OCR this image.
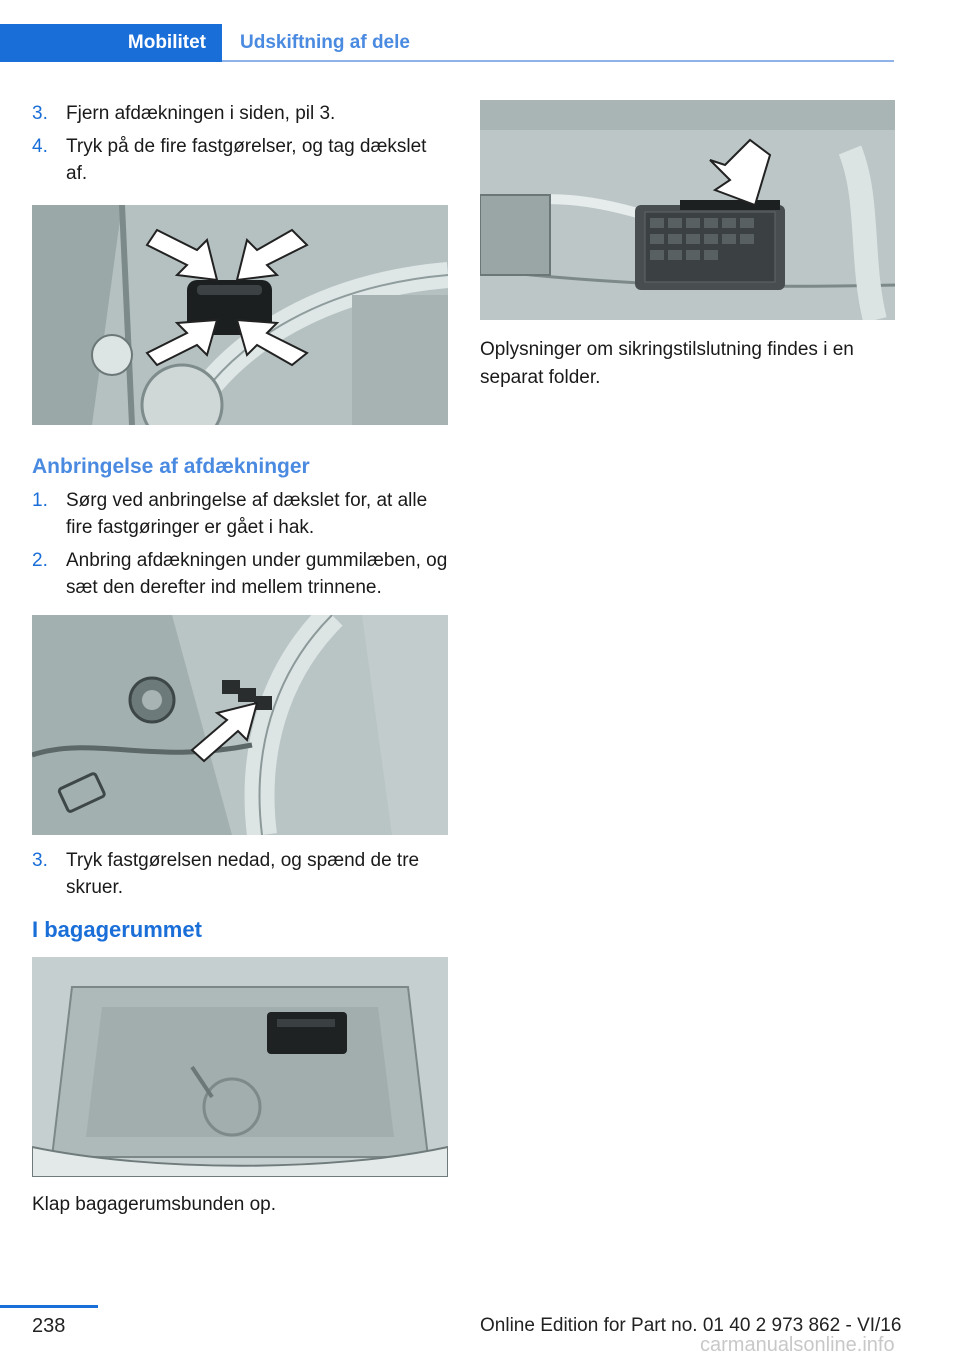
Mobilitet	Udskiftning af dele
3. Fjern afdækningen i siden, pil 3.
4. Tryk på de fire fastgørelser, og tag dækslet af.
Anbringelse af afdækninger
1. Sørg ved anbringelse af dækslet for, at alle fire fastgøringer er gået i hak.
2. Anbring afdækningen under gummilæben, og sæt den derefter ind mellem trinnene.
3. Tryk fastgørelsen nedad, og spænd de tre skruer.
I bagagerummet

Klap bagagerumsbunden op.

Oplysninger om sikringstilslutning findes i en separat folder.

238	Online Edition for Part no. 01 40 2 973 862 - VI/16
carmanualsonline.info
